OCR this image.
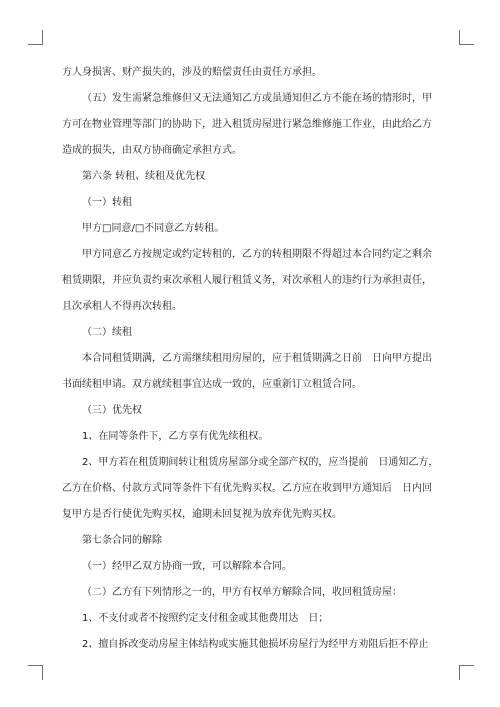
方人身损害、财产损失的，涉及的赔偿责任由责任方承担。
（五）发生需紧急维修但又无法通知乙方或虽通知但乙方不能在场的情形时，甲
方可在物业管理等部门的协助下，进入租赁房屋进行紧急维修施工作业，由此给乙方
造成的损失，由双方协商确定承担方式。
第六条 转租、续租及优先权
（一）转租
甲方□同意/□不同意乙方转租。
甲方同意乙方按规定或约定转租的，乙方的转租期限不得超过本合同约定之剩余
租赁期限，并应负责约束次承租人履行租赁义务，对次承租人的违约行为承担责任，
且次承租人不得再次转租。
（二）续租
本合同租赁期满，乙方需继续租用房屋的，应于租赁期满之日前　日向甲方提出
书面续租申请。双方就续租事宜达成一致的，应重新订立租赁合同。
（三）优先权
1、在同等条件下，乙方享有优先续租权。
2、甲方若在租赁期间转让租赁房屋部分或全部产权的，应当提前　日通知乙方，
乙方在价格、付款方式同等条件下有优先购买权。乙方应在收到甲方通知后　日内回
复甲方是否行使优先购买权，逾期未回复视为放弃优先购买权。
第七条合同的解除
（一）经甲乙双方协商一致，可以解除本合同。
（二）乙方有下列情形之一的，甲方有权单方解除合同，收回租赁房屋：
1、不支付或者不按照约定支付租金或其他费用达　日；
2、擅自拆改变动房屋主体结构或实施其他损坏房屋行为经甲方劝阻后拒不停止
